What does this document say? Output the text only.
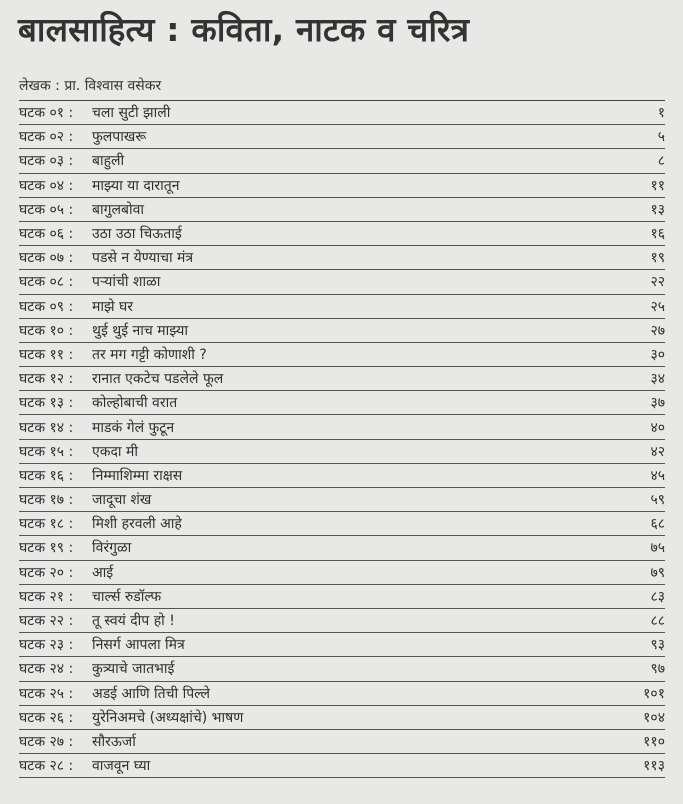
बालसाहित्य : कविता, नाटक व चरित्र
लेखक : प्रा. विश्वास वसेकर
घटक ०१ :	चला सुटी झाली	१
घटक ०२ :	फुलपाखरू	५
घटक ०३ :	बाहुली	८
घटक ०४ :	माझ्या या दारातून	११
घटक ०५ :	बागुलबोवा	१३
घटक ०६ :	उठा उठा चिऊताई	१६
घटक ०७ :	पडसे न येण्याचा मंत्र	१९
घटक ०८ :	पऱ्यांची शाळा	२२
घटक ०९ :	माझे घर	२५
घटक १० :	थुई थुई नाच माझ्या	२७
घटक ११ :	तर मग गट्टी कोणाशी ?	३०
घटक १२ :	रानात एकटेच पडलेले फूल	३४
घटक १३ :	कोल्होबाची वरात	३७
घटक १४ :	माडकं गेलं फुटून	४०
घटक १५ :	एकदा मी	४२
घटक १६ :	निम्माशिम्मा राक्षस	४५
घटक १७ :	जादूचा शंख	५९
घटक १८ :	मिशी हरवली आहे	६८
घटक १९ :	विरंगुळा	७५
घटक २० :	आई	७९
घटक २१ :	चार्ल्स रुडॉल्फ	८३
घटक २२ :	तू स्वयं दीप हो !	८८
घटक २३ :	निसर्ग आपला मित्र	९३
घटक २४ :	कुत्र्याचे जातभाई	९७
घटक २५ :	अडई आणि तिची पिल्ले	१०१
घटक २६ :	युरेनिअमचे (अध्यक्षांचे) भाषण	१०४
घटक २७ :	सौरऊर्जा	११०
घटक २८ :	वाजवून घ्या	११३
